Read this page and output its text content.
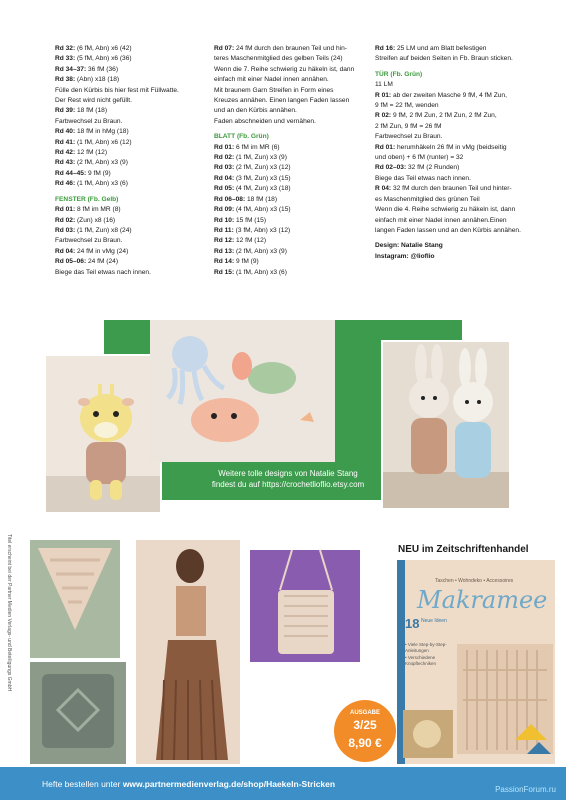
Rd 32: (6 fM, Abn) x6 (42)
Rd 33: (5 fM, Abn) x6 (36)
Rd 34–37: 36 fM (36)
Rd 38: (Abn) x18 (18)
Fülle den Kürbis bis hier fest mit Füllwatte.
Der Rest wird nicht gefüllt.
Rd 39: 18 fM (18)
Farbwechsel zu Braun.
Rd 40: 18 fM in hMg (18)
Rd 41: (1 fM, Abn) x6 (12)
Rd 42: 12 fM (12)
Rd 43: (2 fM, Abn) x3 (9)
Rd 44–45: 9 fM (9)
Rd 46: (1 fM, Abn) x3 (6)
FENSTER (Fb. Gelb)
Rd 01: 8 fM im MR (8)
Rd 02: (Zun) x8 (16)
Rd 03: (1 fM, Zun) x8 (24)
Farbwechsel zu Braun.
Rd 04: 24 fM in vMg (24)
Rd 05–06: 24 fM (24)
Biege das Teil etwas nach innen.
Rd 07: 24 fM durch den braunen Teil und hin-
teres Maschenmitglied des gelben Teils (24)
Wenn die 7. Reihe schwierig zu häkeln ist, dann
einfach mit einer Nadel innen annähen.
Mit braunem Garn Streifen in Form eines
Kreuzes annähen. Einen langen Faden lassen
und an den Kürbis annähen.
Faden abschneiden und vernähen.
BLATT (Fb. Grün)
Rd 01: 6 fM im MR (6)
Rd 02: (1 fM, Zun) x3 (9)
Rd 03: (2 fM, Zun) x3 (12)
Rd 04: (3 fM, Zun) x3 (15)
Rd 05: (4 fM, Zun) x3 (18)
Rd 06–08: 18 fM (18)
Rd 09: (4 fM, Abn) x3 (15)
Rd 10: 15 fM (15)
Rd 11: (3 fM, Abn) x3 (12)
Rd 12: 12 fM (12)
Rd 13: (2 fM, Abn) x3 (9)
Rd 14: 9 fM (9)
Rd 15: (1 fM, Abn) x3 (6)
Rd 16: 25 LM und am Blatt befestigen
Streifen auf beiden Seiten in Fb. Braun sticken.
TÜR (Fb. Grün)
11 LM
R 01: ab der zweiten Masche 9 fM, 4 fM Zun,
9 fM = 22 fM, wenden
R 02: 9 fM, 2 fM Zun, 2 fM Zun, 2 fM Zun,
2 fM Zun, 9 fM = 26 fM
Farbwechsel zu Braun.
Rd 01: herumhäkeln 26 fM in vMg (beidseitig
und oben) + 6 fM (runter) = 32
Rd 02–03: 32 fM (2 Runden)
Biege das Teil etwas nach innen.
R 04: 32 fM durch den braunen Teil und hinter-
es Maschenmitglied des grünen Teil
Wenn die 4. Reihe schwierig zu häkeln ist, dann
einfach mit einer Nadel innen annähen.Einen
langen Faden lassen und an den Kürbis annähen.
Design: Natalie Stang
Instagram: @lioflio
Weitere tolle designs von Natalie Stang
findest du auf https://crochetlioflio.etsy.com
Titel erscheint bei der Partner Medien Verlags- und Beteiligungs GmbH	NEU im Zeitschriftenhandel
Taschen • Wohndeko • Accessoires
Makramee
18 Neue Ideen
• Viele Step-by-Step-
Anleitungen
• Verschiedene
Knüpftechniken
AUSGABE
3/25
8,90 €
Hefte bestellen unter www.partnermedienverlag.de/shop/Haekeln-Stricken
PassionForum.ru
